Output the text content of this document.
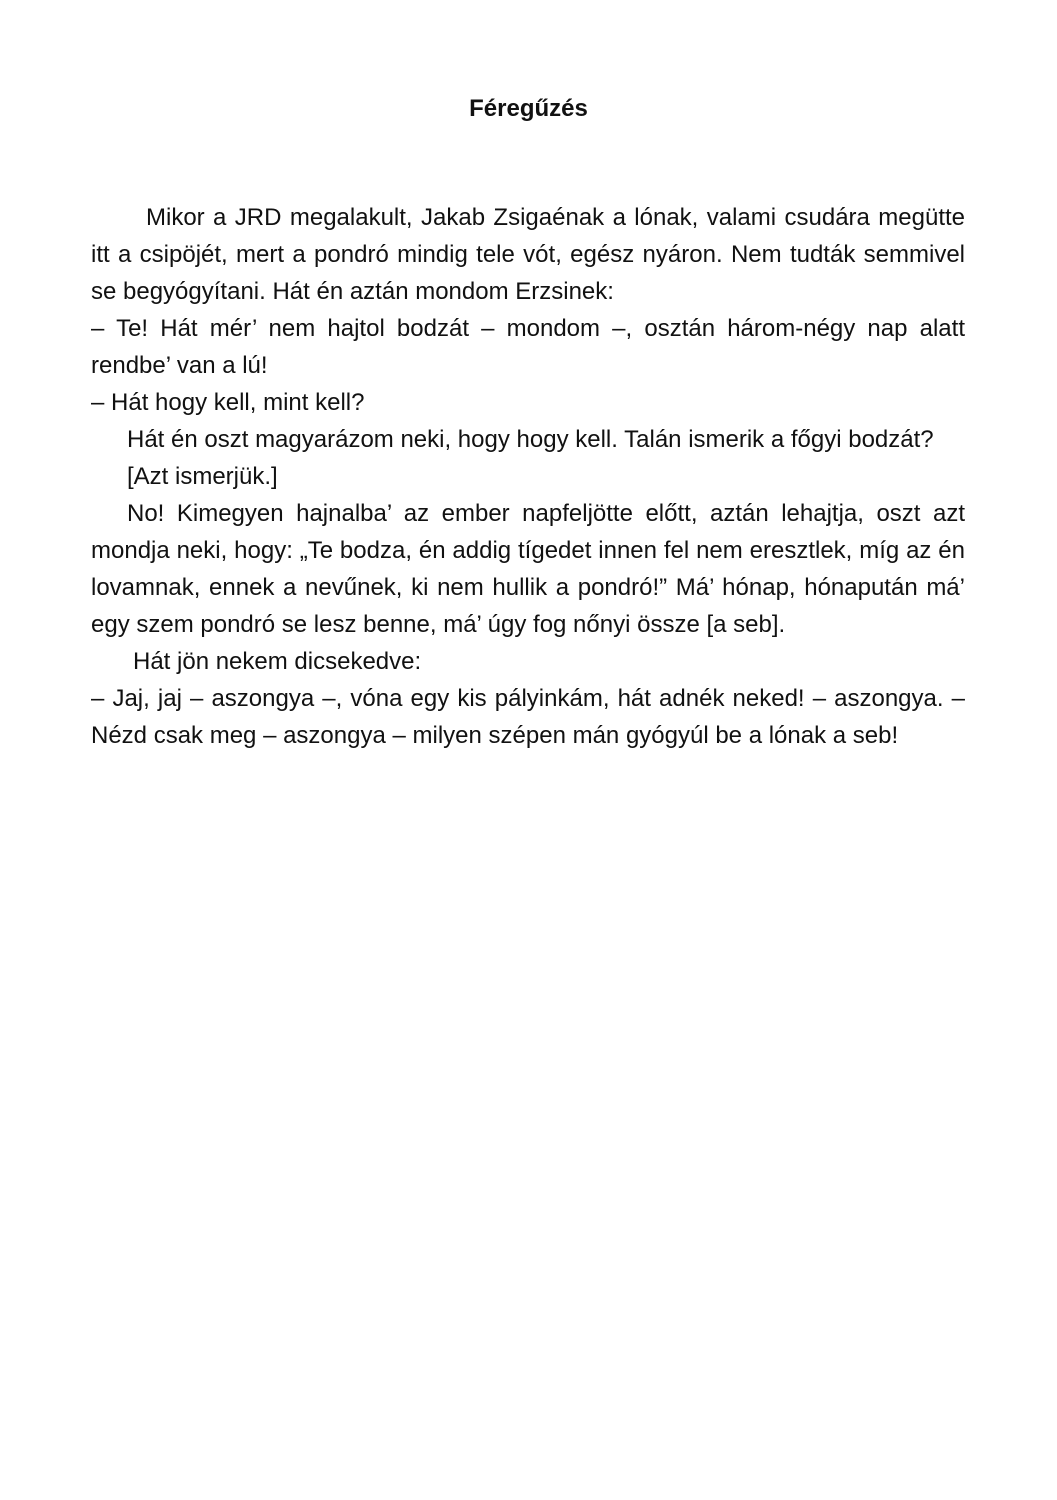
Féregűzés

Mikor a JRD megalakult, Jakab Zsigaénak a lónak, valami csudára megütte itt a csipöjét, mert a pondró mindig tele vót, egész nyáron. Nem tudták semmivel se begyógyítani. Hát én aztán mondom Erzsinek:

– Te! Hát mér’ nem hajtol bodzát – mondom –, osztán három-négy nap alatt rendbe’ van a lú!

– Hát hogy kell, mint kell?

Hát én oszt magyarázom neki, hogy hogy kell. Talán ismerik a főgyi bodzát?

[Azt ismerjük.]

No! Kimegyen hajnalba’ az ember napfeljötte előtt, aztán lehajtja, oszt azt mondja neki, hogy: „Te bodza, én addig tígedet innen fel nem eresztlek, míg az én lovamnak, ennek a nevűnek, ki nem hullik a pondró!” Má’ hónap, hónapután má’ egy szem pondró se lesz benne, má’ úgy fog nőnyi össze [a seb].

Hát jön nekem dicsekedve:

– Jaj, jaj – aszongya –, vóna egy kis pályinkám, hát adnék neked! – aszongya. – Nézd csak meg – aszongya – milyen szépen mán gyógyúl be a lónak a seb!
